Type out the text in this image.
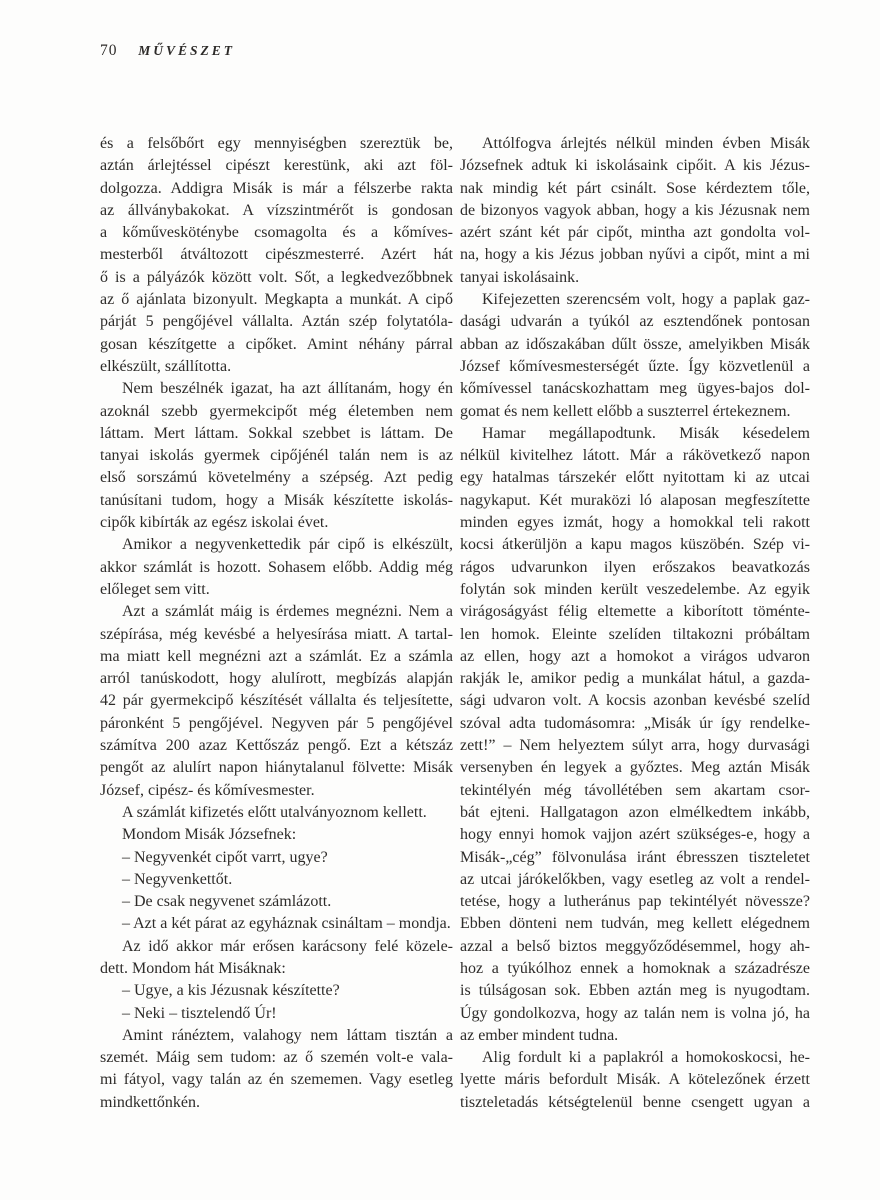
70 MŰVÉSZET
és a felsőbőrt egy mennyiségben szereztük be,
aztán árlejtéssel cipészt kerestünk, aki azt föl-
dolgozza. Addigra Misák is már a félszerbe rakta
az állványbakokat. A vízszintmérőt is gondosan
a kőművesköténybe csomagolta és a kőmíves-
mesterből átváltozott cipészmesterré. Azért hát
ő is a pályázók között volt. Sőt, a legkedvezőbbnek
az ő ajánlata bizonyult. Megkapta a munkát. A cipő
párját 5 pengőjével vállalta. Aztán szép folytatóla-
gosan készítgette a cipőket. Amint néhány párral
elkészült, szállította.
Nem beszélnék igazat, ha azt állítanám, hogy én
azoknál szebb gyermekcipőt még életemben nem
láttam. Mert láttam. Sokkal szebbet is láttam. De
tanyai iskolás gyermek cipőjénél talán nem is az
első sorszámú követelmény a szépség. Azt pedig
tanúsítani tudom, hogy a Misák készítette iskolás-
cipők kibírták az egész iskolai évet.
Amikor a negyvenkettedik pár cipő is elkészült,
akkor számlát is hozott. Sohasem előbb. Addig még
előleget sem vitt.
Azt a számlát máig is érdemes megnézni. Nem a
szépírása, még kevésbé a helyesírása miatt. A tartal-
ma miatt kell megnézni azt a számlát. Ez a számla
arról tanúskodott, hogy alulírott, megbízás alapján
42 pár gyermekcipő készítését vállalta és teljesítette,
páronként 5 pengőjével. Negyven pár 5 pengőjével
számítva 200 azaz Kettőszáz pengő. Ezt a kétszáz
pengőt az alulírt napon hiánytalanul fölvette: Misák
József, cipész- és kőmívesmester.
A számlát kifizetés előtt utalványoznom kellett.
Mondom Misák Józsefnek:
– Negyvenkét cipőt varrt, ugye?
– Negyvenkettőt.
– De csak negyvenet számlázott.
– Azt a két párat az egyháznak csináltam – mondja.
Az idő akkor már erősen karácsony felé közele-
dett. Mondom hát Misáknak:
– Ugye, a kis Jézusnak készítette?
– Neki – tisztelendő Úr!
Amint ránéztem, valahogy nem láttam tisztán a
szemét. Máig sem tudom: az ő szemén volt-e vala-
mi fátyol, vagy talán az én szememen. Vagy esetleg
mindkettőnkén.
Attólfogva árlejtés nélkül minden évben Misák
Józsefnek adtuk ki iskolásaink cipőit. A kis Jézus-
nak mindig két párt csinált. Sose kérdeztem tőle,
de bizonyos vagyok abban, hogy a kis Jézusnak nem
azért szánt két pár cipőt, mintha azt gondolta vol-
na, hogy a kis Jézus jobban nyűvi a cipőt, mint a mi
tanyai iskolásaink.
Kifejezetten szerencsém volt, hogy a paplak gaz-
dasági udvarán a tyúkól az esztendőnek pontosan
abban az időszakában dűlt össze, amelyikben Misák
József kőmívesmesterségét űzte. Így közvetlenül a
kőmívessel tanácskozhattam meg ügyes-bajos dol-
gomat és nem kellett előbb a suszterrel értekeznem.
Hamar megállapodtunk. Misák késedelem
nélkül kivitelhez látott. Már a rákövetkező napon
egy hatalmas társzekér előtt nyitottam ki az utcai
nagykaput. Két muraközi ló alaposan megfeszítette
minden egyes izmát, hogy a homokkal teli rakott
kocsi átkerüljön a kapu magos küszöbén. Szép vi-
rágos udvarunkon ilyen erőszakos beavatkozás
folytán sok minden került veszedelembe. Az egyik
virágoságyást félig eltemette a kiborított töménte-
len homok. Eleinte szelíden tiltakozni próbáltam
az ellen, hogy azt a homokot a virágos udvaron
rakják le, amikor pedig a munkálat hátul, a gazda-
sági udvaron volt. A kocsis azonban kevésbé szelíd
szóval adta tudomásomra: „Misák úr így rendelke-
zett!” – Nem helyeztem súlyt arra, hogy durvasági
versenyben én legyek a győztes. Meg aztán Misák
tekintélyén még távollétében sem akartam csor-
bát ejteni. Hallgatagon azon elmélkedtem inkább,
hogy ennyi homok vajjon azért szükséges-e, hogy a
Misák-„cég” fölvonulása iránt ébresszen tiszteletet
az utcai járókelőkben, vagy esetleg az volt a rendel-
tetése, hogy a lutheránus pap tekintélyét növessze?
Ebben dönteni nem tudván, meg kellett elégednem
azzal a belső biztos meggyőződésemmel, hogy ah-
hoz a tyúkólhoz ennek a homoknak a századrésze
is túlságosan sok. Ebben aztán meg is nyugodtam.
Úgy gondolkozva, hogy az talán nem is volna jó, ha
az ember mindent tudna.
Alig fordult ki a paplakról a homokoskocsi, he-
lyette máris befordult Misák. A kötelezőnek érzett
tiszteletadás kétségtelenül benne csengett ugyan a
